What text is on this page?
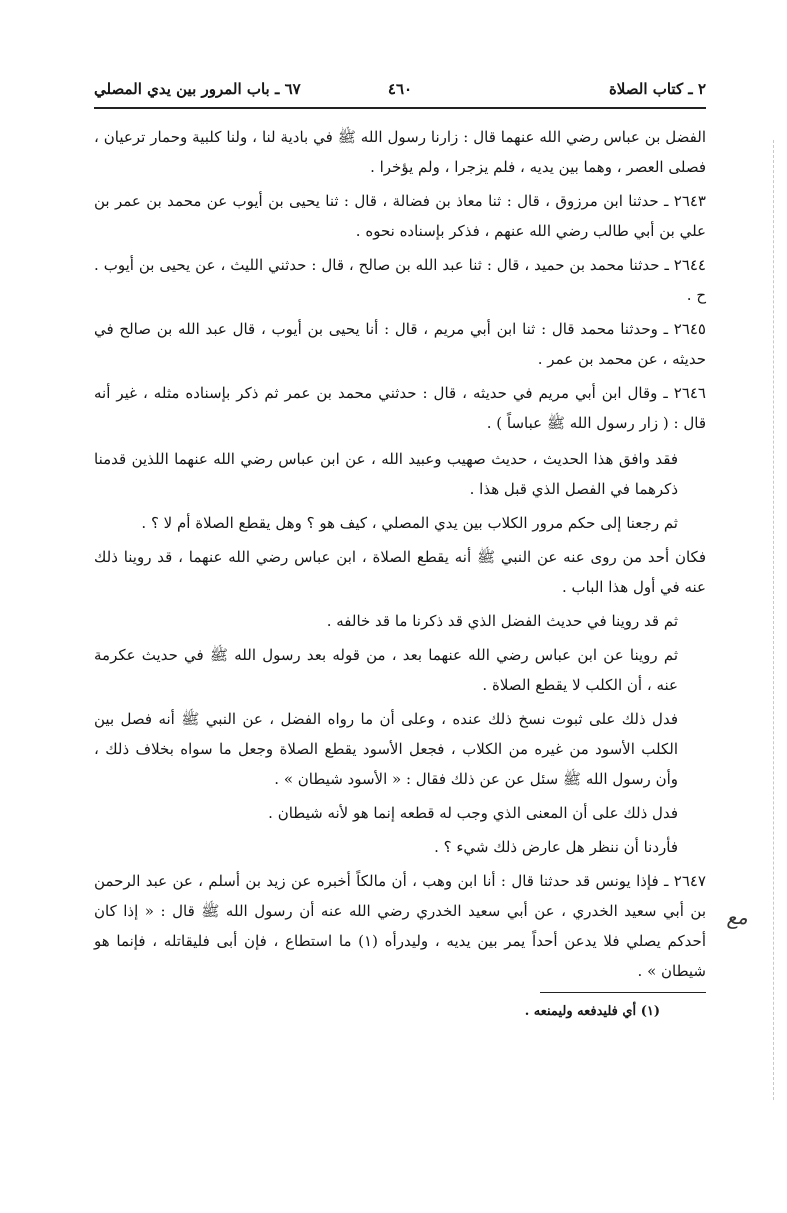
٢ ـ كتاب الصلاة
٤٦٠
٦٧ ـ باب المرور بين يدي المصلي

الفضل بن عباس رضي الله عنهما قال : زارنا رسول الله ﷺ في بادية لنا ، ولنا كلبية وحمار ترعيان ، فصلى العصر ، وهما بين يديه ، فلم يزجرا ، ولم يؤخرا .

٢٦٤٣ ـ حدثنا ابن مرزوق ، قال : ثنا معاذ بن فضالة ، قال : ثنا يحيى بن أيوب عن محمد بن عمر بن علي بن أبي طالب رضي الله عنهم ، فذكر بإسناده نحوه .

٢٦٤٤ ـ حدثنا محمد بن حميد ، قال : ثنا عبد الله بن صالح ، قال : حدثني الليث ، عن يحيى بن أيوب . ح .

٢٦٤٥ ـ وحدثنا محمد قال : ثنا ابن أبي مريم ، قال : أنا يحيى بن أيوب ، قال عبد الله بن صالح في حديثه ، عن محمد بن عمر .

٢٦٤٦ ـ وقال ابن أبي مريم في حديثه ، قال : حدثني محمد بن عمر ثم ذكر بإسناده مثله ، غير أنه قال : ( زار رسول الله ﷺ عباساً ) .

فقد وافق هذا الحديث ، حديث صهيب وعبيد الله ، عن ابن عباس رضي الله عنهما اللذين قدمنا ذكرهما في الفصل الذي قبل هذا .

ثم رجعنا إلى حكم مرور الكلاب بين يدي المصلي ، كيف هو ؟ وهل يقطع الصلاة أم لا ؟ .

فكان أحد من روى عنه عن النبي ﷺ أنه يقطع الصلاة ، ابن عباس رضي الله عنهما ، قد روينا ذلك عنه في أول هذا الباب .

ثم قد روينا في حديث الفضل الذي قد ذكرنا ما قد خالفه .

ثم روينا عن ابن عباس رضي الله عنهما بعد ، من قوله بعد رسول الله ﷺ في حديث عكرمة عنه ، أن الكلب لا يقطع الصلاة .

فدل ذلك على ثبوت نسخ ذلك عنده ، وعلى أن ما رواه الفضل ، عن النبي ﷺ أنه فصل بين الكلب الأسود من غيره من الكلاب ، فجعل الأسود يقطع الصلاة وجعل ما سواه بخلاف ذلك ، وأن رسول الله ﷺ سئل عن عن ذلك فقال : « الأسود شيطان » .

فدل ذلك على أن المعنى الذي وجب له قطعه إنما هو لأنه شيطان .

فأردنا أن ننظر هل عارض ذلك شيء ؟ .

٢٦٤٧ ـ فإذا يونس قد حدثنا قال : أنا ابن وهب ، أن مالكاً أخبره عن زيد بن أسلم ، عن عبد الرحمن بن أبي سعيد الخدري ، عن أبي سعيد الخدري رضي الله عنه أن رسول الله ﷺ قال : « إذا كان أحدكم يصلي فلا يدعن أحداً يمر بين يديه ، وليدرأه (١) ما استطاع ، فإن أبى فليقاتله ، فإنما هو شيطان » .

مع
(١) أي فليدفعه وليمنعه .
